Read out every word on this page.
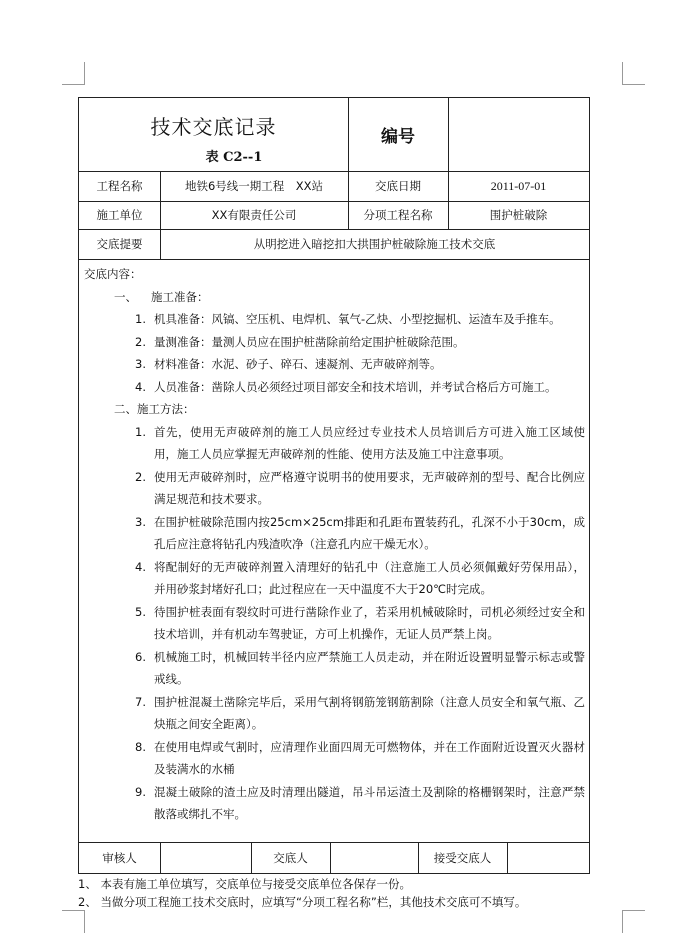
技术交底记录
表 C2--1
编号
工程名称	地铁6号线一期工程　XX站	交底日期	2011-07-01
施工单位	XX有限责任公司	分项工程名称	围护桩破除
交底提要	从明挖进入暗挖扣大拱围护桩破除施工技术交底

交底内容：

一、 施工准备：

1. 机具准备：风镐、空压机、电焊机、氧气-乙炔、小型挖掘机、运渣车及手推车。
2. 量测准备：量测人员应在围护桩凿除前给定围护桩破除范围。
3. 材料准备：水泥、砂子、碎石、速凝剂、无声破碎剂等。
4. 人员准备：凿除人员必须经过项目部安全和技术培训，并考试合格后方可施工。

二、施工方法：

1. 首先，使用无声破碎剂的施工人员应经过专业技术人员培训后方可进入施工区域使用，施工人员应掌握无声破碎剂的性能、使用方法及施工中注意事项。
2. 使用无声破碎剂时，应严格遵守说明书的使用要求，无声破碎剂的型号、配合比例应满足规范和技术要求。
3. 在围护桩破除范围内按25cm×25cm排距和孔距布置装药孔，孔深不小于30cm，成孔后应注意将钻孔内残渣吹净（注意孔内应干燥无水）。
4. 将配制好的无声破碎剂置入清理好的钻孔中（注意施工人员必须佩戴好劳保用品），并用砂浆封堵好孔口；此过程应在一天中温度不大于20℃时完成。
5. 待围护桩表面有裂纹时可进行凿除作业了，若采用机械破除时，司机必须经过安全和技术培训，并有机动车驾驶证，方可上机操作，无证人员严禁上岗。
6. 机械施工时，机械回转半径内应严禁施工人员走动，并在附近设置明显警示标志或警戒线。
7. 围护桩混凝土凿除完毕后，采用气割将钢筋笼钢筋割除（注意人员安全和氧气瓶、乙炔瓶之间安全距离）。
8. 在使用电焊或气割时，应清理作业面四周无可燃物体，并在工作面附近设置灭火器材及装满水的水桶
9. 混凝土破除的渣土应及时清理出隧道，吊斗吊运渣土及割除的格栅钢架时，注意严禁散落或绑扎不牢。
审核人	交底人	接受交底人
1、 本表有施工单位填写，交底单位与接受交底单位各保存一份。
2、 当做分项工程施工技术交底时，应填写“分项工程名称”栏，其他技术交底可不填写。
